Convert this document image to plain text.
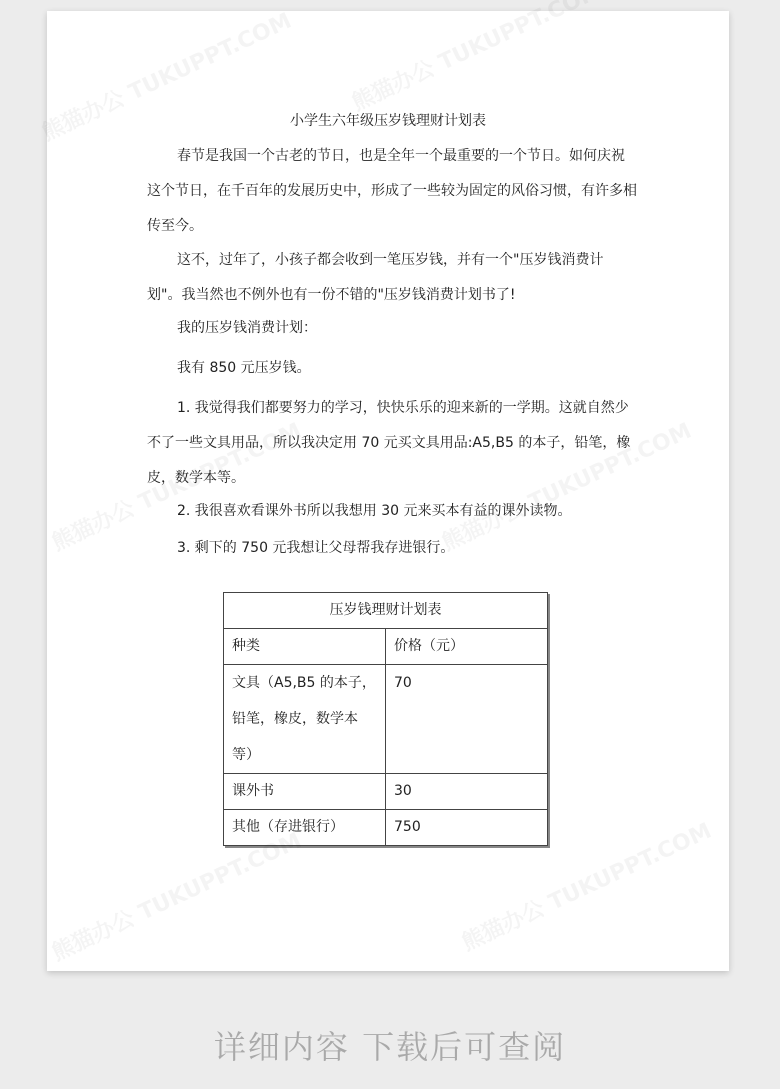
小学生六年级压岁钱理财计划表

春节是我国一个古老的节日，也是全年一个最重要的一个节日。如何庆祝这个节日，在千百年的发展历史中，形成了一些较为固定的风俗习惯，有许多相传至今。

这不，过年了，小孩子都会收到一笔压岁钱，并有一个"压岁钱消费计划"。我当然也不例外也有一份不错的"压岁钱消费计划书了!

我的压岁钱消费计划：

我有 850 元压岁钱。

1. 我觉得我们都要努力的学习，快快乐乐的迎来新的一学期。这就自然少不了一些文具用品，所以我决定用 70 元买文具用品:A5,B5 的本子，铅笔，橡皮，数学本等。

2. 我很喜欢看课外书所以我想用 30 元来买本有益的课外读物。

3. 剩下的 750 元我想让父母帮我存进银行。

压岁钱理财计划表	
种类	价格（元）
文具（A5,B5 的本子，铅笔，橡皮，数学本等）	70
课外书	30
其他（存进银行）	750
详细内容 下载后可查阅
